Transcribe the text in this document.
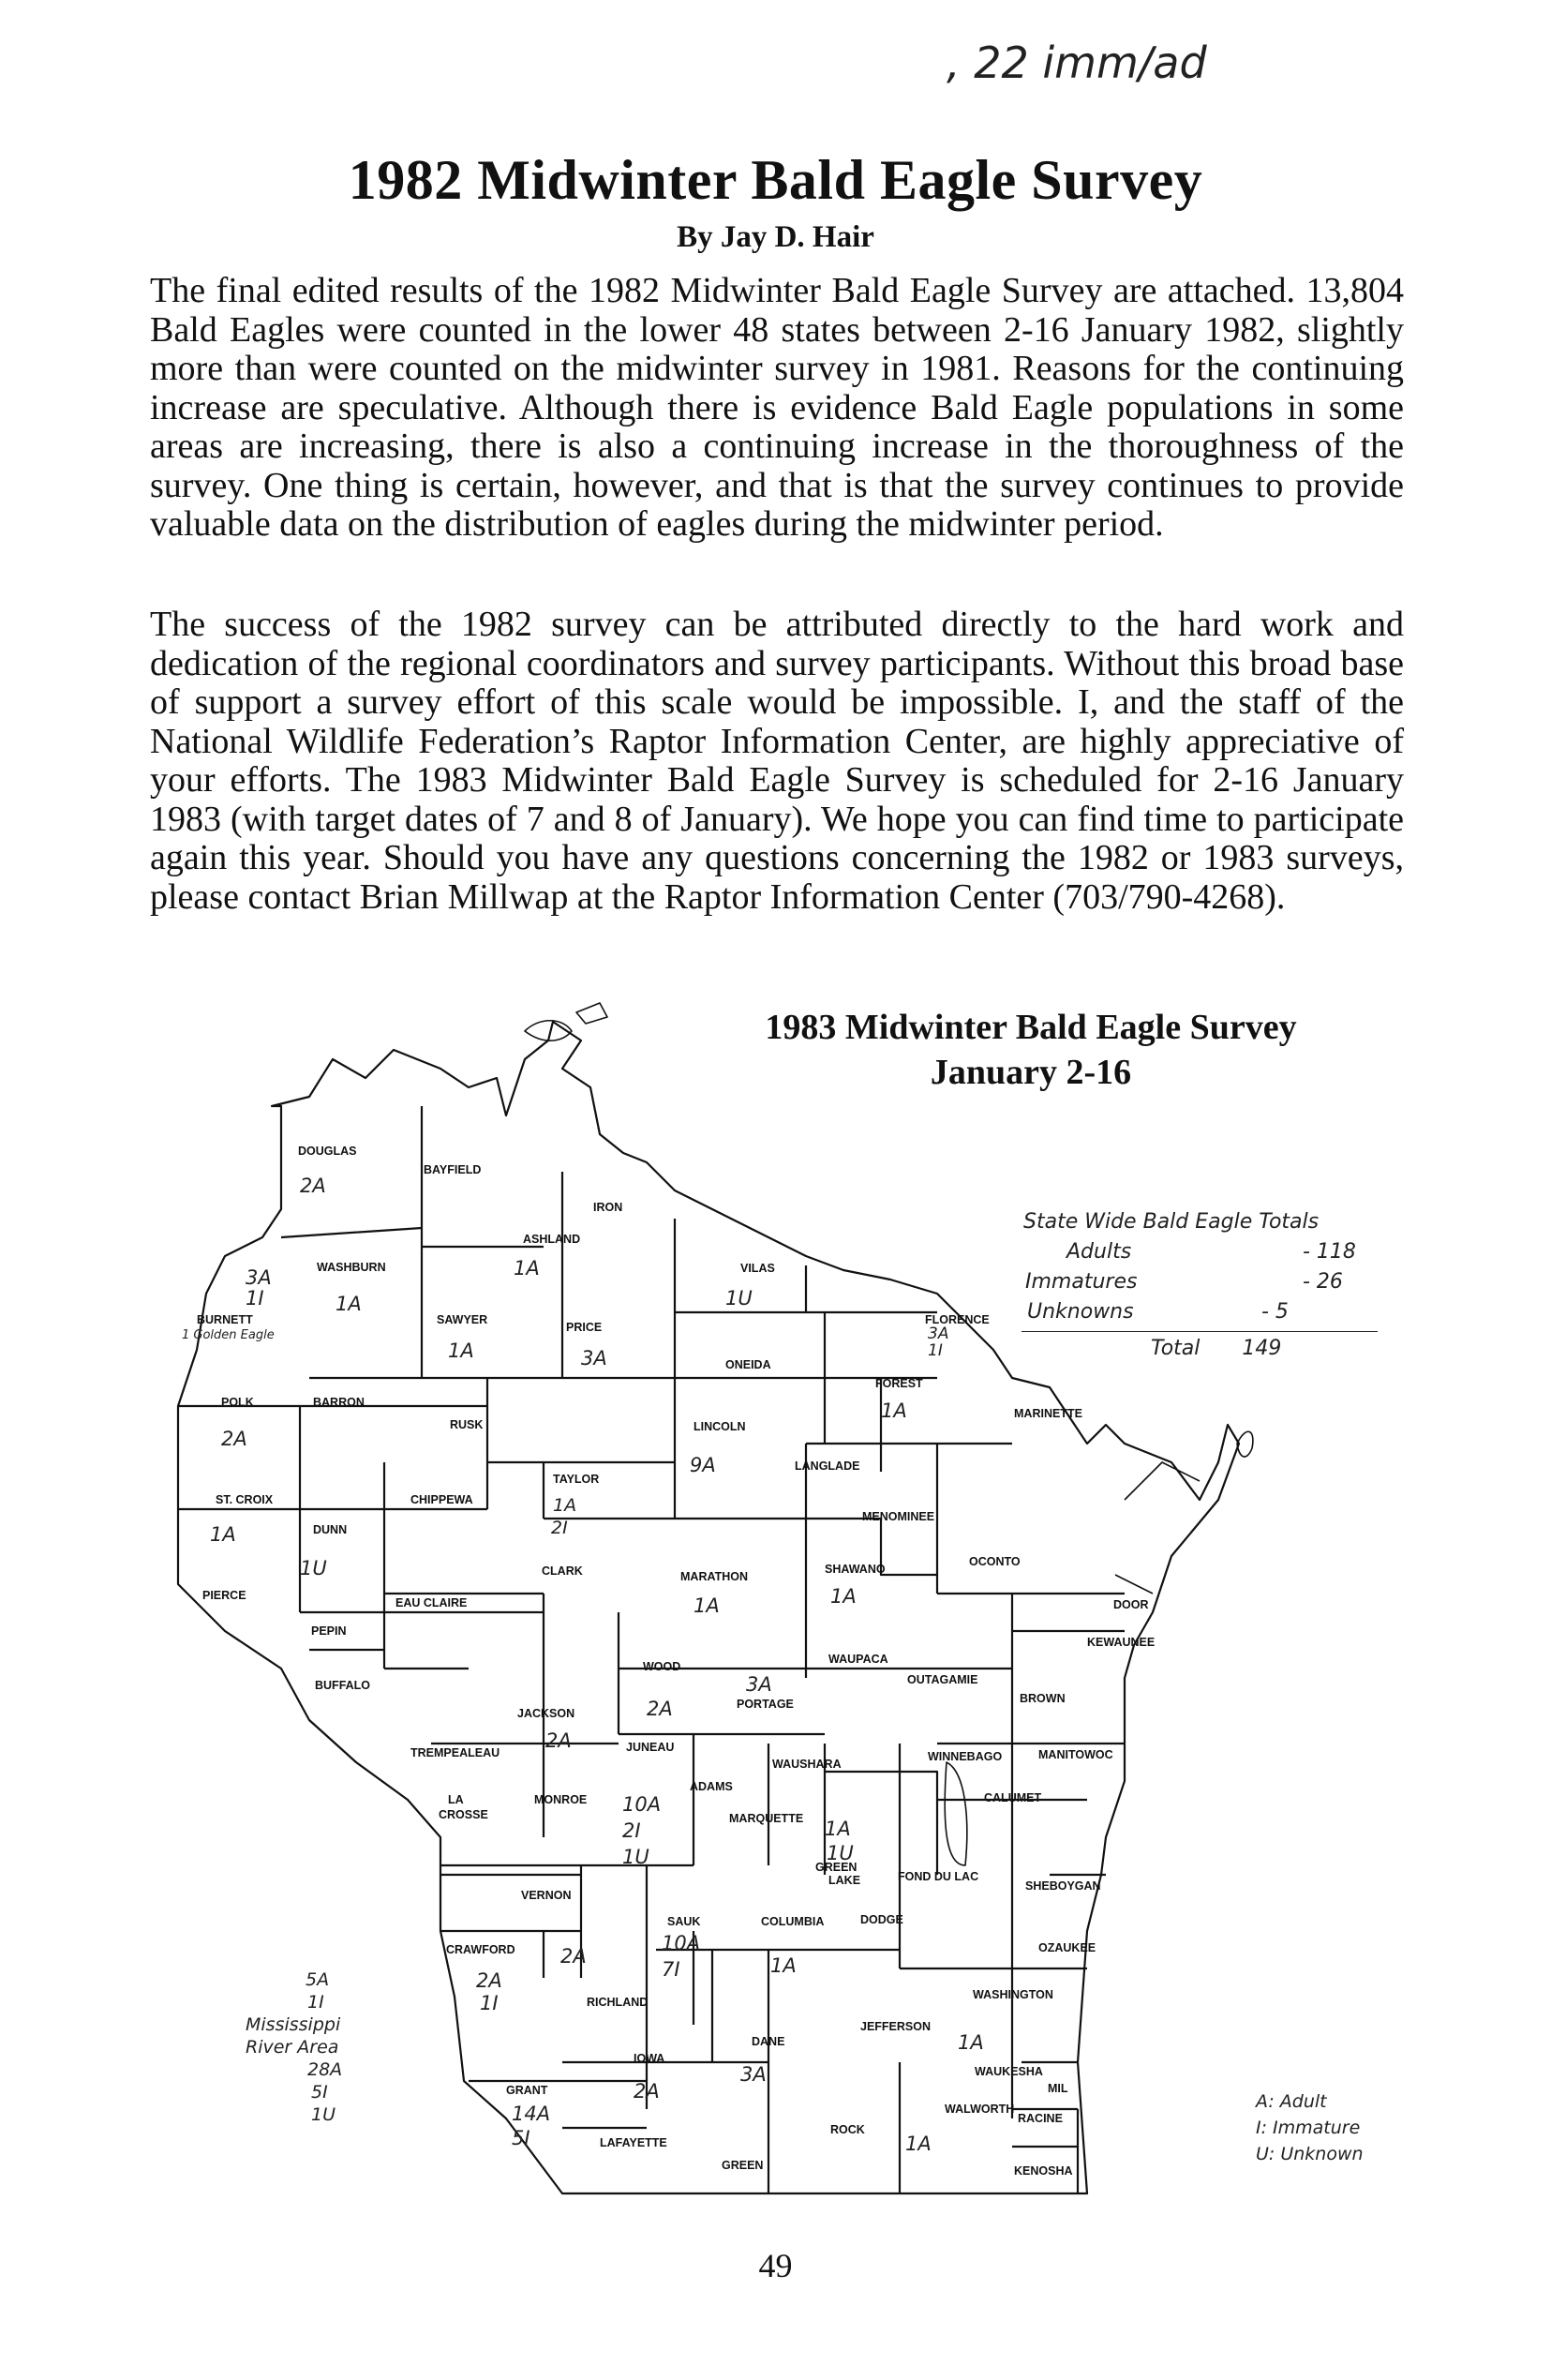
, 22 imm/ad
1982 Midwinter Bald Eagle Survey
By Jay D. Hair

The final edited results of the 1982 Midwinter Bald Eagle Survey are attached. 13,804 Bald Eagles were counted in the lower 48 states between 2-16 January 1982, slightly more than were counted on the midwinter survey in 1981. Reasons for the continuing increase are speculative. Although there is evidence Bald Eagle populations in some areas are increasing, there is also a continuing increase in the thoroughness of the survey. One thing is certain, however, and that is that the survey continues to provide valuable data on the distribution of eagles during the midwinter period.

The success of the 1982 survey can be attributed directly to the hard work and dedication of the regional coordinators and survey participants. Without this broad base of support a survey effort of this scale would be impossible. I, and the staff of the National Wildlife Federation’s Raptor Information Center, are highly appreciative of your efforts. The 1983 Midwinter Bald Eagle Survey is scheduled for 2-16 January 1983 (with target dates of 7 and 8 of January). We hope you can find time to participate again this year. Should you have any questions concerning the 1982 or 1983 surveys, please contact Brian Millwap at the Raptor Information Center (703/790-4268).

DOUGLAS
BAYFIELD
IRON
ASHLAND
WASHBURN
BURNETT	SAWYER
PRICE
VILAS
ONEIDA
FLORENCE
FOREST
MARINETTE
POLK	BARRON
RUSK	LINCOLN
LANGLADE
TAYLOR
ST. CROIX
DUNN
CHIPPEWA
MENOMINEE
CLARK	MARATHON
SHAWANO
OCONTO
PIERCE
EAU CLAIRE	DOOR
PEPIN
KEWAUNEE
WAUPACA
BUFFALO
WOOD
PORTAGE
OUTAGAMIE
BROWN
JACKSON
TREMPEALEAU	JUNEAU
WAUSHARA
WINNEBAGO	MANITOWOC
ADAMS
CALUMET
LA
CROSSE
MONROE
MARQUETTE
GREEN
LAKE	FOND DU LAC
SHEBOYGAN
VERNON
SAUK	COLUMBIA	DODGE
OZAUKEE
CRAWFORD
RICHLAND
WASHINGTON
DANE
JEFFERSON
WAUKESHA
MIL
IOWA
GRANT
LAFAYETTE
GREEN
ROCK
WALWORTH
RACINE
KENOSHA
2A
3A
1I
1 Golden Eagle
1A
1A
1U
1A	3A
3A
1I
1A
2A
9A
1A
2I
1A
1U
1A	1A
2A
3A
2A
10A
2I
1U
1A
1U
10A
7I
2A
1I
2A	1A
1A
2A
14A
5I
3A
1A
1983 Midwinter Bald Eagle Survey
January 2-16
State Wide Bald Eagle Totals
Adults	- 118
Immatures	- 26
Unknowns	- 5
Total 149
5A
1I
Mississippi
River Area
28A
5I
1U
A: Adult
I: Immature
U: Unknown
49
